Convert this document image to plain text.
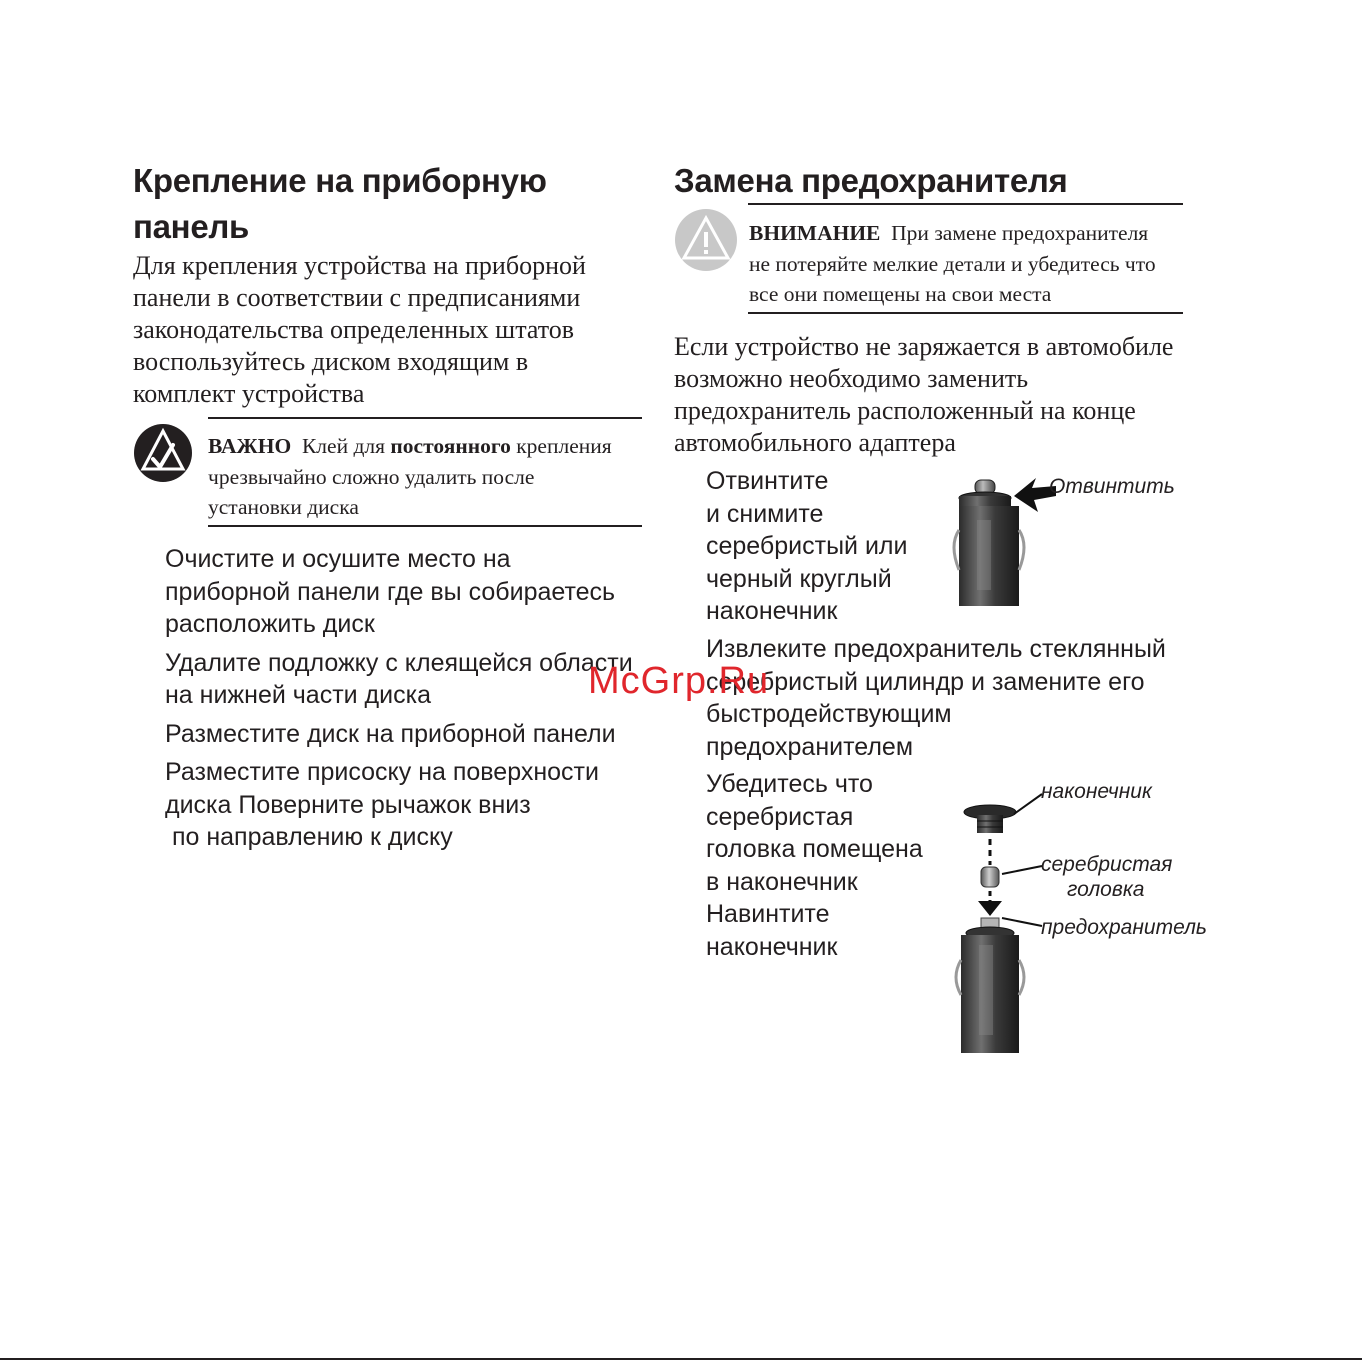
Крепление на приборную
панель

Для крепления устройства на приборной

панели в соответствии с предписаниями

законодательства определенных штатов

воспользуйтесь диском входящим в

комплект устройства

ВАЖНО Клей для постоянного крепления

чрезвычайно сложно удалить после

установки диска

Очистите и осушите место на

приборной панели где вы собираетесь

расположить диск

Удалите подложку с клеящейся области

на нижней части диска

Разместите диск на приборной панели

Разместите присоску на поверхности

диска Поверните рычажок вниз

по направлению к диску

Замена предохранителя

ВНИМАНИЕ При замене предохранителя

не потеряйте мелкие детали и убедитесь что

все они помещены на свои места

Если устройство не заряжается в автомобиле

возможно необходимо заменить

предохранитель расположенный на конце

автомобильного адаптера

Отвинтите

и снимите

серебристый или

черный круглый

наконечник

Отвинтить

Извлеките предохранитель стеклянный

серебристый цилиндр и замените его

быстродействующим

предохранителем

Убедитесь что

серебристая

головка помещена

в наконечник

Навинтите

наконечник

наконечник
серебристая
головка
предохранитель
McGrp.Ru
